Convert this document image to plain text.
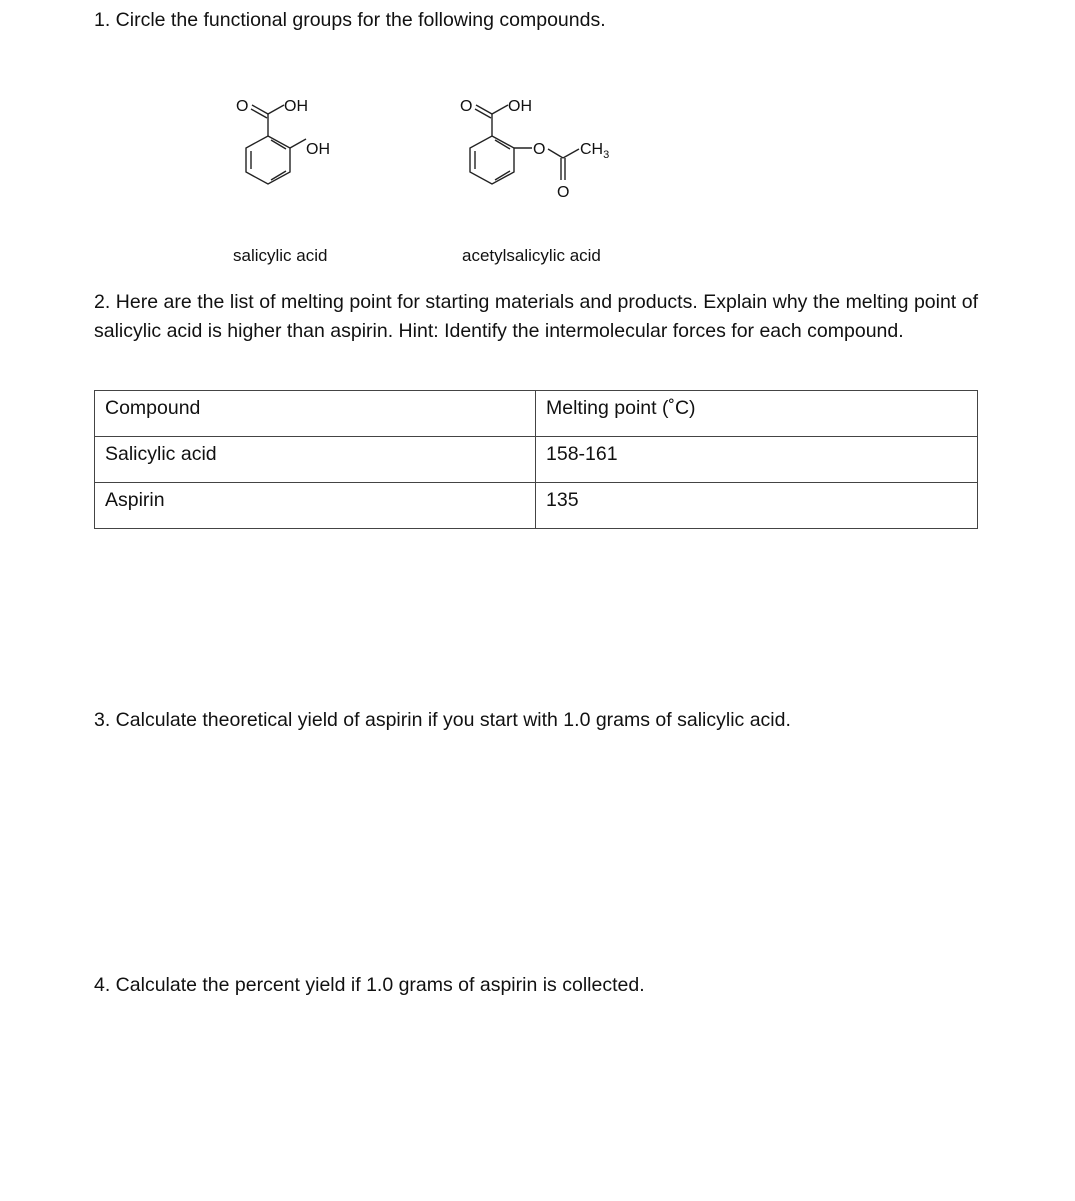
1. Circle the functional groups for the following compounds.

O OH
OH
O OH
O
O
$CH_3$

salicylic acid	acetylsalicylic acid

2. Here are the list of melting point for starting materials and products. Explain why the melting point of salicylic acid is higher than aspirin. Hint: Identify the intermolecular forces for each compound.

Compound	Melting point (˚C)
Salicylic acid	158-161
Aspirin	135

3. Calculate theoretical yield of aspirin if you start with 1.0 grams of salicylic acid.

4. Calculate the percent yield if 1.0 grams of aspirin is collected.
